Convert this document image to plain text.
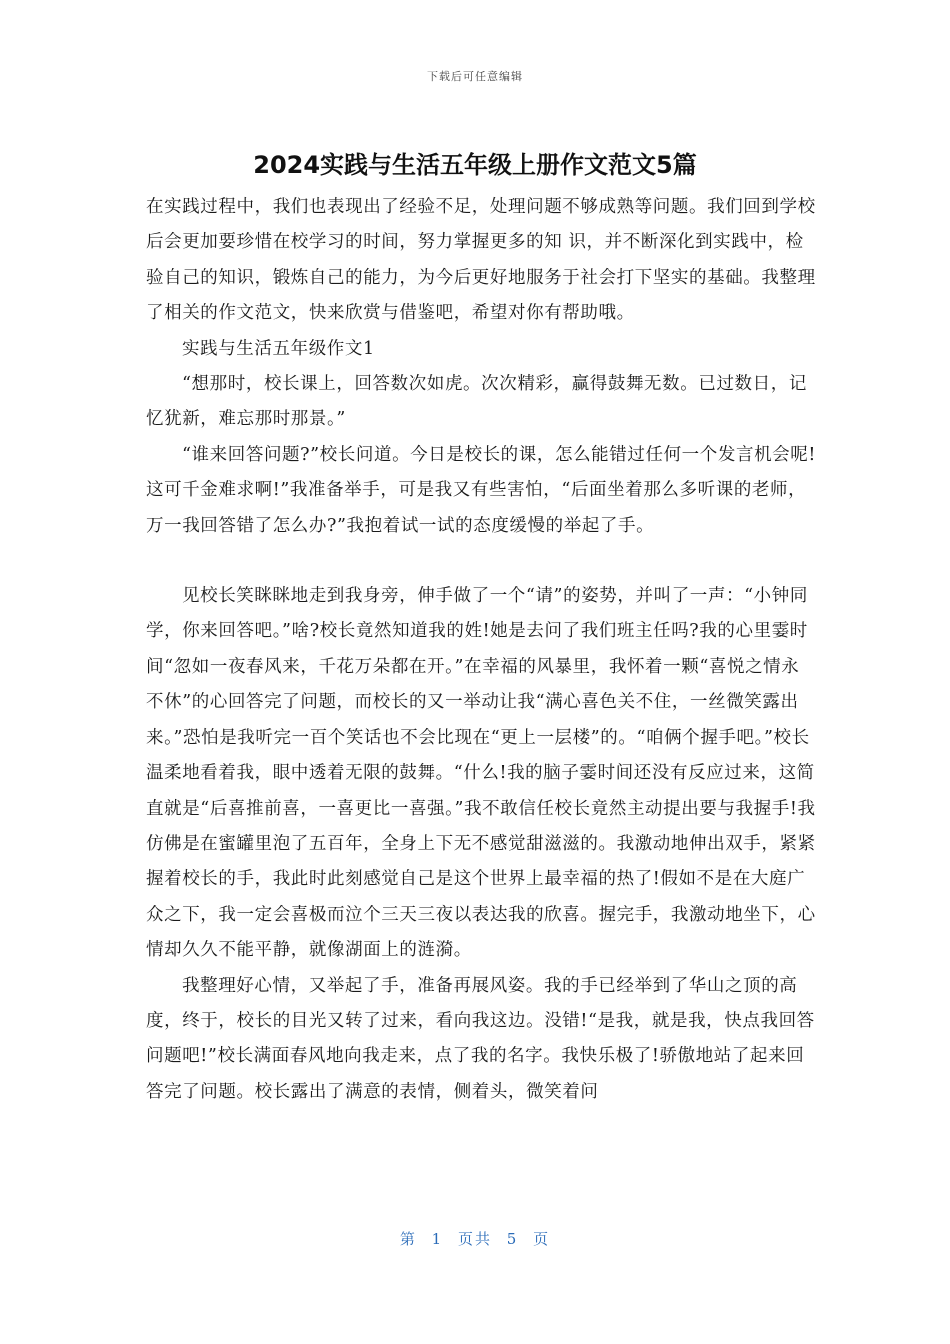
下载后可任意编辑
2024实践与生活五年级上册作文范文5篇

在实践过程中，我们也表现出了经验不足，处理问题不够成熟等问题。我们回到学校后会更加要珍惜在校学习的时间，努力掌握更多的知 识，并不断深化到实践中，检验自己的知识，锻炼自己的能力，为今后更好地服务于社会打下坚实的基础。我整理了相关的作文范文，快来欣赏与借鉴吧，希望对你有帮助哦。

实践与生活五年级作文1

“想那时，校长课上，回答数次如虎。次次精彩，赢得鼓舞无数。已过数日，记忆犹新，难忘那时那景。”

“谁来回答问题?”校长问道。今日是校长的课，怎么能错过任何一个发言机会呢!这可千金难求啊!”我准备举手，可是我又有些害怕，“后面坐着那么多听课的老师，万一我回答错了怎么办?”我抱着试一试的态度缓慢的举起了手。

见校长笑眯眯地走到我身旁，伸手做了一个“请”的姿势，并叫了一声：“小钟同学，你来回答吧。”啥?校长竟然知道我的姓!她是去问了我们班主任吗?我的心里霎时间“忽如一夜春风来，千花万朵都在开。”在幸福的风暴里，我怀着一颗“喜悦之情永不休”的心回答完了问题，而校长的又一举动让我“满心喜色关不住，一丝微笑露出来。”恐怕是我听完一百个笑话也不会比现在“更上一层楼”的。“咱俩个握手吧。”校长温柔地看着我，眼中透着无限的鼓舞。“什么!我的脑子霎时间还没有反应过来，这简直就是“后喜推前喜，一喜更比一喜强。”我不敢信任校长竟然主动提出要与我握手!我仿佛是在蜜罐里泡了五百年，全身上下无不感觉甜滋滋的。我激动地伸出双手，紧紧握着校长的手，我此时此刻感觉自己是这个世界上最幸福的热了!假如不是在大庭广众之下，我一定会喜极而泣个三天三夜以表达我的欣喜。握完手，我激动地坐下，心情却久久不能平静，就像湖面上的涟漪。

我整理好心情，又举起了手，准备再展风姿。我的手已经举到了华山之顶的高度，终于，校长的目光又转了过来，看向我这边。没错!“是我，就是我，快点我回答问题吧!”校长满面春风地向我走来，点了我的名字。我快乐极了!骄傲地站了起来回答完了问题。校长露出了满意的表情，侧着头，微笑着问

第 1 页共 5 页
